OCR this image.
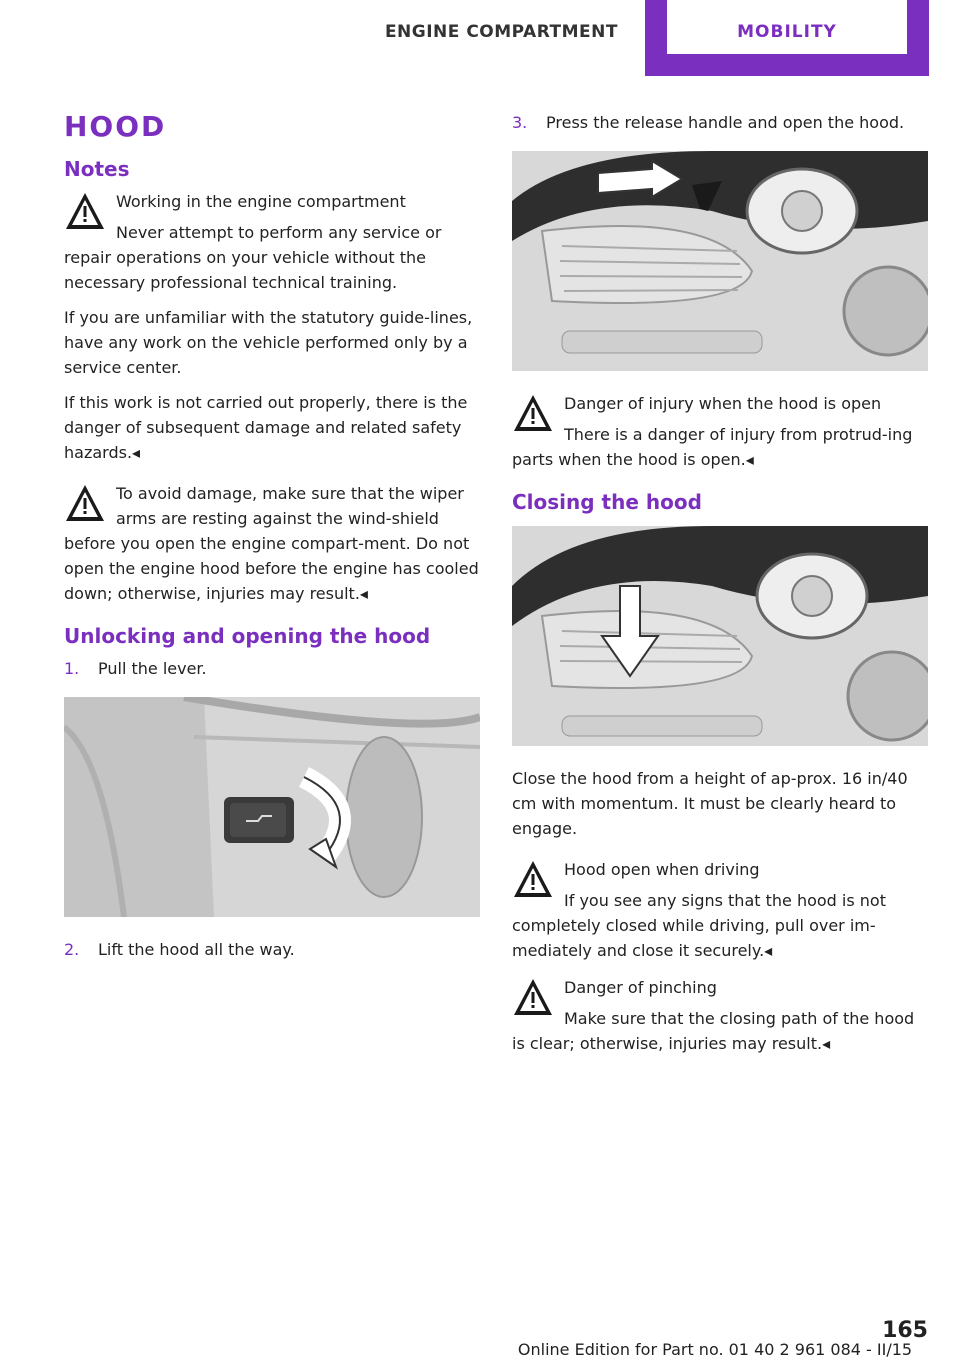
ENGINE COMPARTMENT	MOBILITY
HOOD
Notes
Working in the engine compartment
Never attempt to perform any service or repair operations on your vehicle without the necessary professional technical training.
If you are unfamiliar with the statutory guide-lines, have any work on the vehicle performed only by a service center.
If this work is not carried out properly, there is the danger of subsequent damage and related safety hazards.◂
To avoid damage, make sure that the wiper arms are resting against the wind-shield before you open the engine compart-ment. Do not open the engine hood before the engine has cooled down; otherwise, injuries may result.◂
Unlocking and opening the hood
1. Pull the lever.
2. Lift the hood all the way.
3. Press the release handle and open the hood.
Danger of injury when the hood is open
There is a danger of injury from protrud-ing parts when the hood is open.◂
Closing the hood
Close the hood from a height of ap-prox. 16 in/40 cm with momentum. It must be clearly heard to engage.
Hood open when driving
If you see any signs that the hood is not completely closed while driving, pull over im-mediately and close it securely.◂
Danger of pinching
Make sure that the closing path of the hood is clear; otherwise, injuries may result.◂
165
Online Edition for Part no. 01 40 2 961 084 - II/15
